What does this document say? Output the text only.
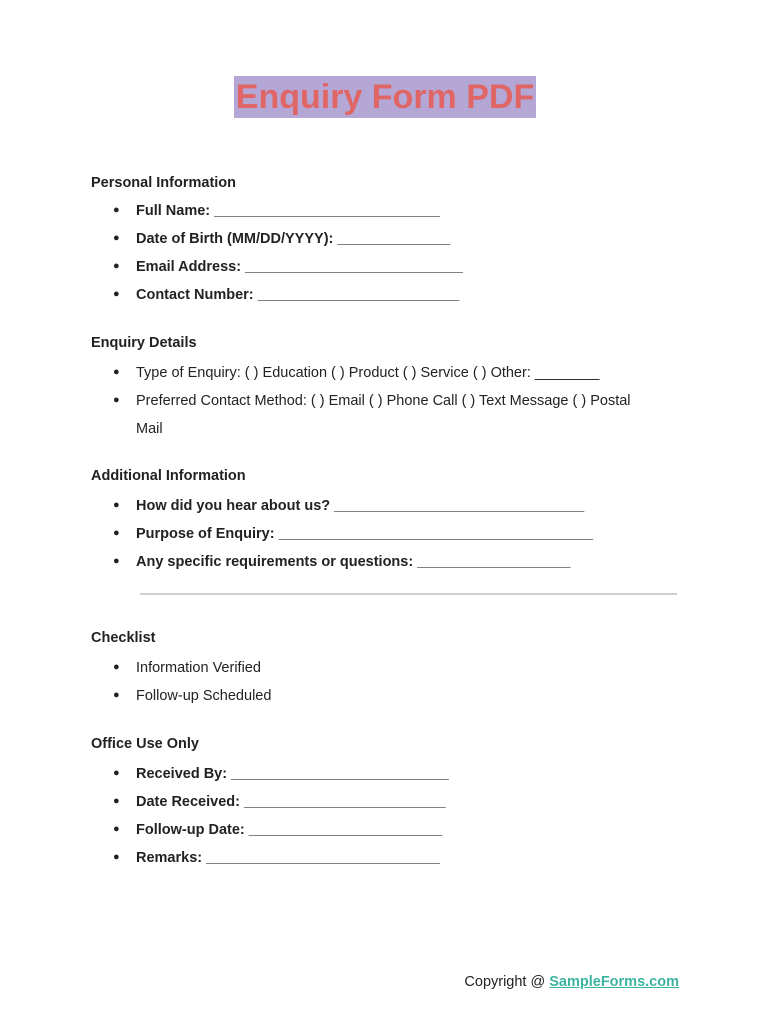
Enquiry Form PDF
Personal Information
● Full Name: ____________________________
● Date of Birth (MM/DD/YYYY): ______________
● Email Address: ___________________________
● Contact Number: _________________________
Enquiry Details
● Type of Enquiry: ( ) Education ( ) Product ( ) Service ( ) Other: ________
● Preferred Contact Method: ( ) Email ( ) Phone Call ( ) Text Message ( ) Postal
Mail
Additional Information
● How did you hear about us? _______________________________
● Purpose of Enquiry: _______________________________________
● Any specific requirements or questions: ___________________
Checklist
● Information Verified
● Follow-up Scheduled
Office Use Only
● Received By: ___________________________
● Date Received: _________________________
● Follow-up Date: ________________________
● Remarks: _____________________________
Copyright @ SampleForms.com
